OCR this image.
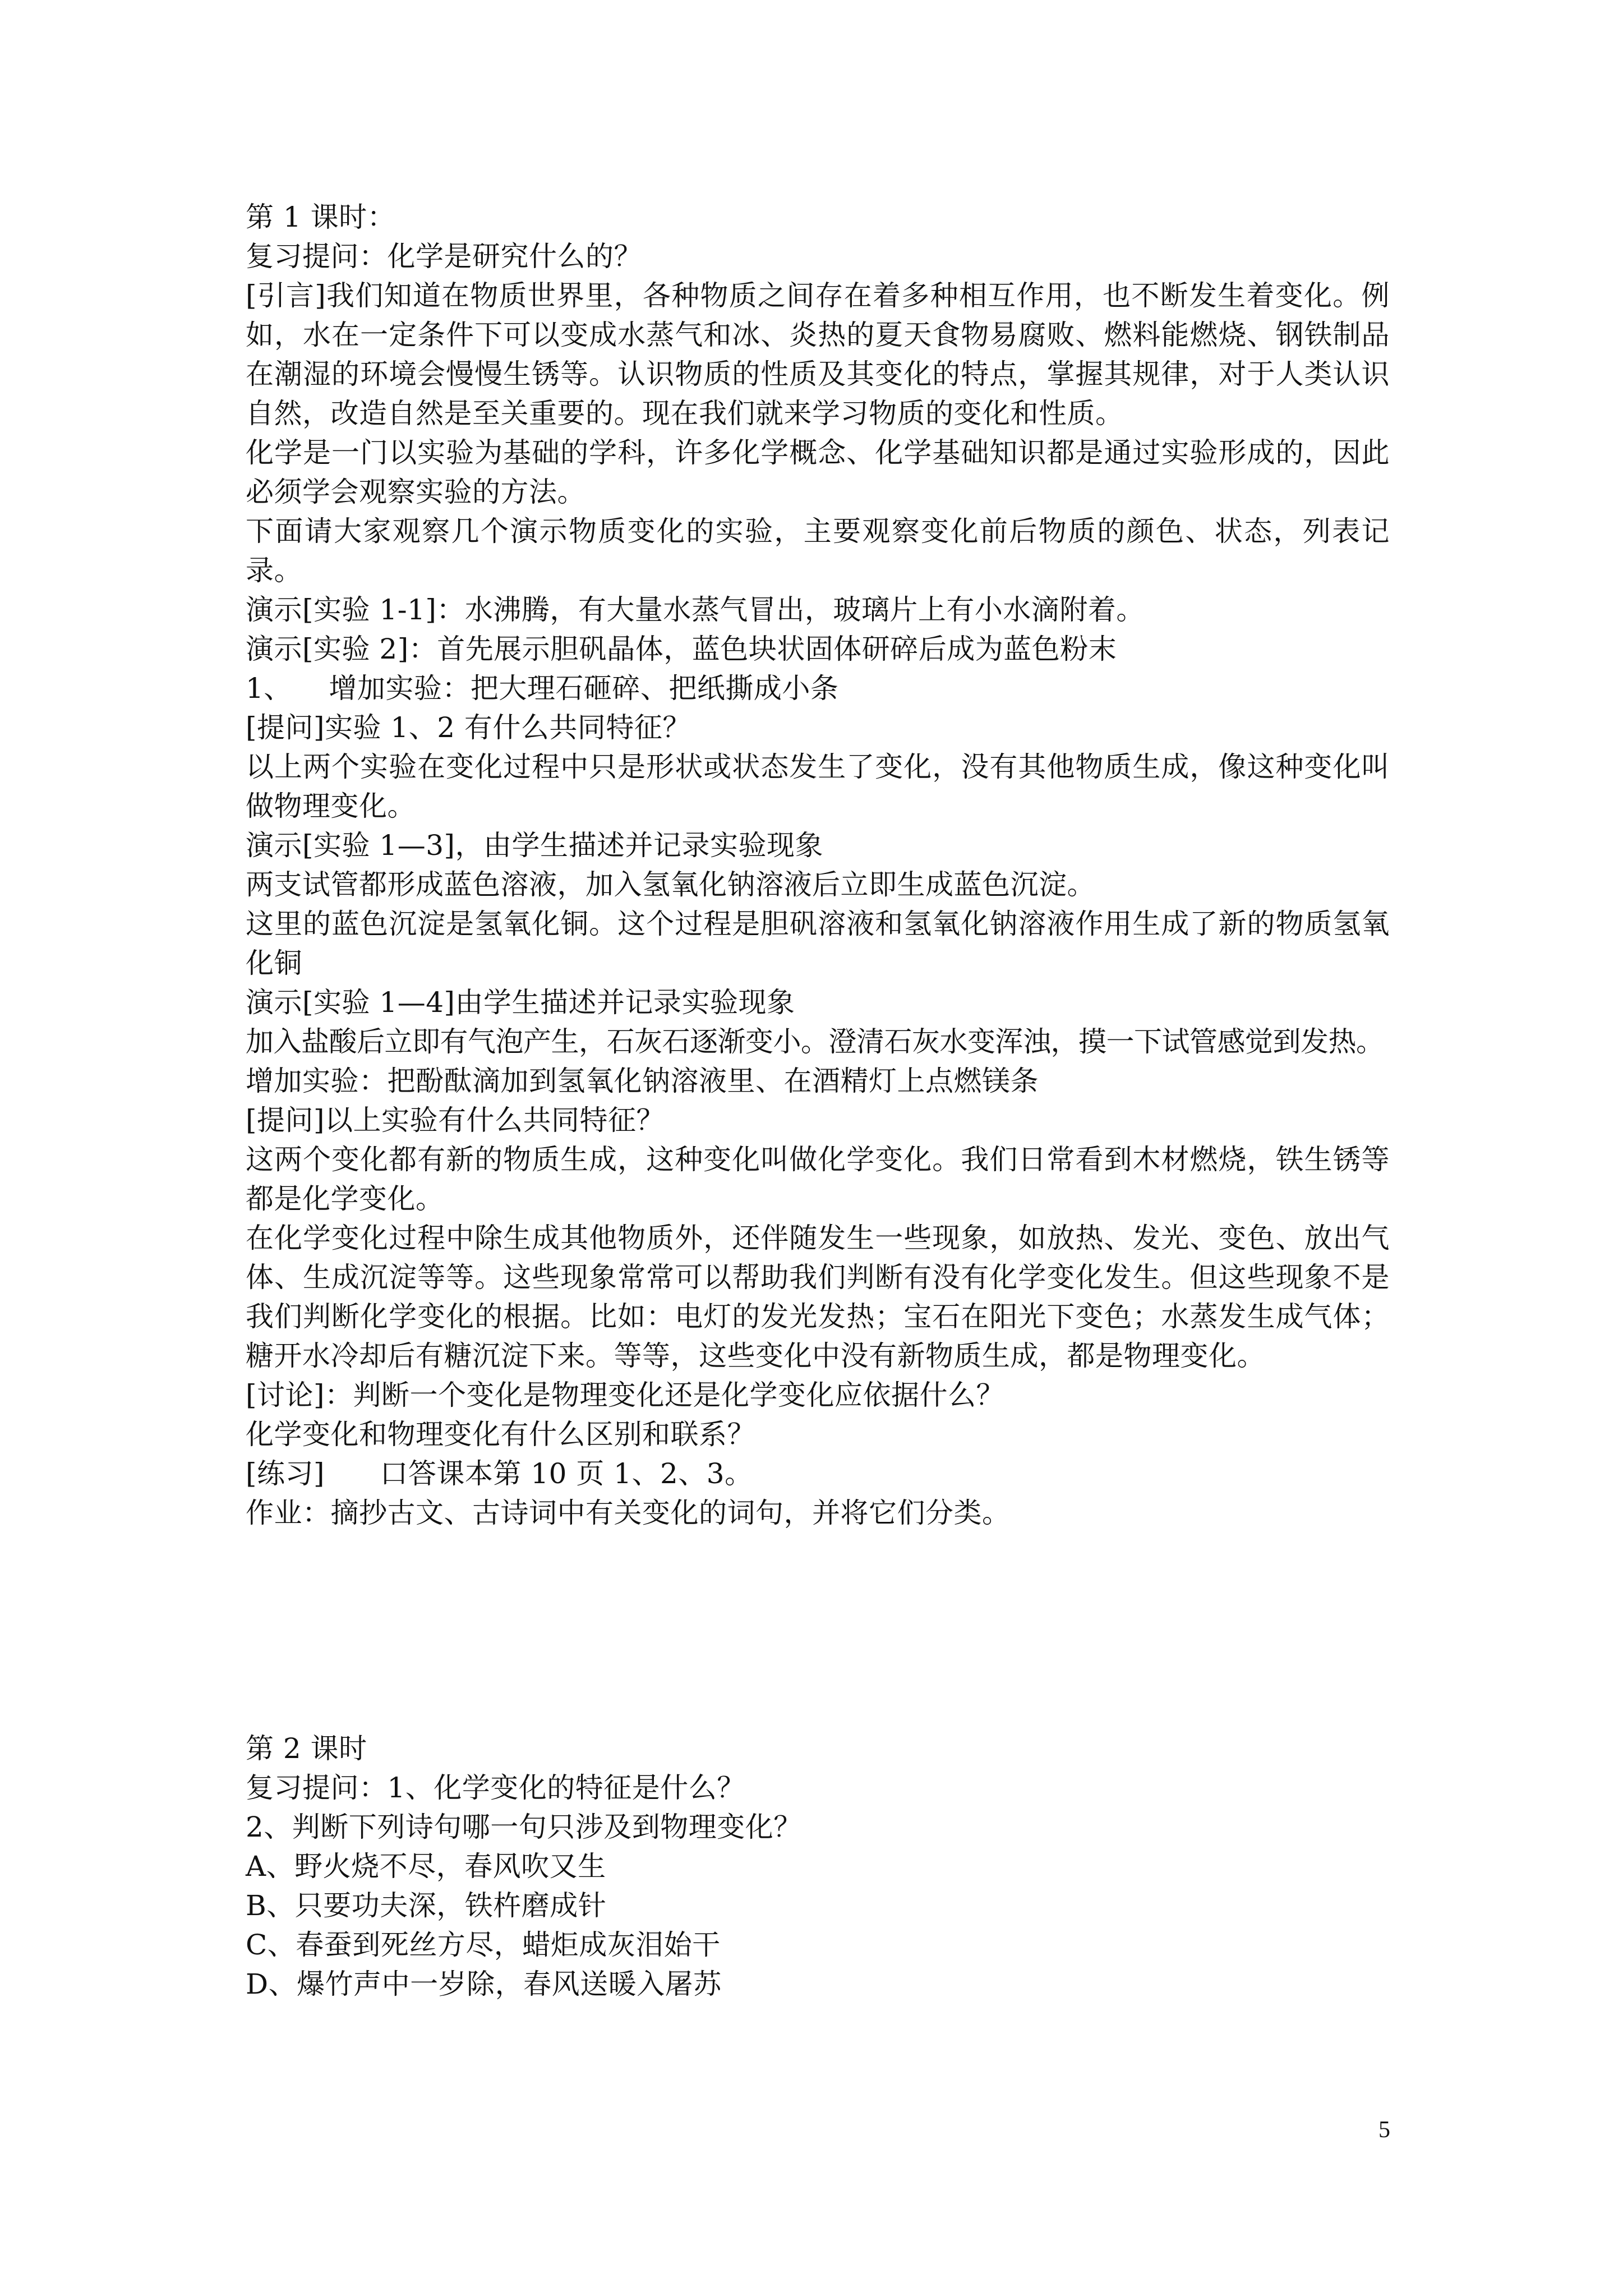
第 1 课时：
复习提问：化学是研究什么的？
[引言]我们知道在物质世界里，各种物质之间存在着多种相互作用，也不断发生着变化。例如，水在一定条件下可以变成水蒸气和冰、炎热的夏天食物易腐败、燃料能燃烧、钢铁制品在潮湿的环境会慢慢生锈等。认识物质的性质及其变化的特点，掌握其规律，对于人类认识自然，改造自然是至关重要的。现在我们就来学习物质的变化和性质。
化学是一门以实验为基础的学科，许多化学概念、化学基础知识都是通过实验形成的，因此必须学会观察实验的方法。
下面请大家观察几个演示物质变化的实验，主要观察变化前后物质的颜色、状态，列表记录。
演示[实验 1-1]：水沸腾，有大量水蒸气冒出，玻璃片上有小水滴附着。
演示[实验 2]：首先展示胆矾晶体，蓝色块状固体研碎后成为蓝色粉末
1、    增加实验：把大理石砸碎、把纸撕成小条
[提问]实验 1、2 有什么共同特征？
以上两个实验在变化过程中只是形状或状态发生了变化，没有其他物质生成，像这种变化叫做物理变化。
演示[实验 1—3]，由学生描述并记录实验现象
两支试管都形成蓝色溶液，加入氢氧化钠溶液后立即生成蓝色沉淀。
这里的蓝色沉淀是氢氧化铜。这个过程是胆矾溶液和氢氧化钠溶液作用生成了新的物质氢氧化铜
演示[实验 1—4]由学生描述并记录实验现象
加入盐酸后立即有气泡产生，石灰石逐渐变小。澄清石灰水变浑浊，摸一下试管感觉到发热。
增加实验：把酚酞滴加到氢氧化钠溶液里、在酒精灯上点燃镁条
[提问]以上实验有什么共同特征？
这两个变化都有新的物质生成，这种变化叫做化学变化。我们日常看到木材燃烧，铁生锈等都是化学变化。
在化学变化过程中除生成其他物质外，还伴随发生一些现象，如放热、发光、变色、放出气体、生成沉淀等等。这些现象常常可以帮助我们判断有没有化学变化发生。但这些现象不是我们判断化学变化的根据。比如：电灯的发光发热；宝石在阳光下变色；水蒸发生成气体；糖开水冷却后有糖沉淀下来。等等，这些变化中没有新物质生成，都是物理变化。
[讨论]：判断一个变化是物理变化还是化学变化应依据什么？
化学变化和物理变化有什么区别和联系？
[练习]      口答课本第 10 页 1、2、3。
作业：摘抄古文、古诗词中有关变化的词句，并将它们分类。
第 2 课时
复习提问：1、化学变化的特征是什么？
2、判断下列诗句哪一句只涉及到物理变化？
A、野火烧不尽，春风吹又生
B、只要功夫深，铁杵磨成针
C、春蚕到死丝方尽，蜡炬成灰泪始干
D、爆竹声中一岁除，春风送暖入屠苏
5
